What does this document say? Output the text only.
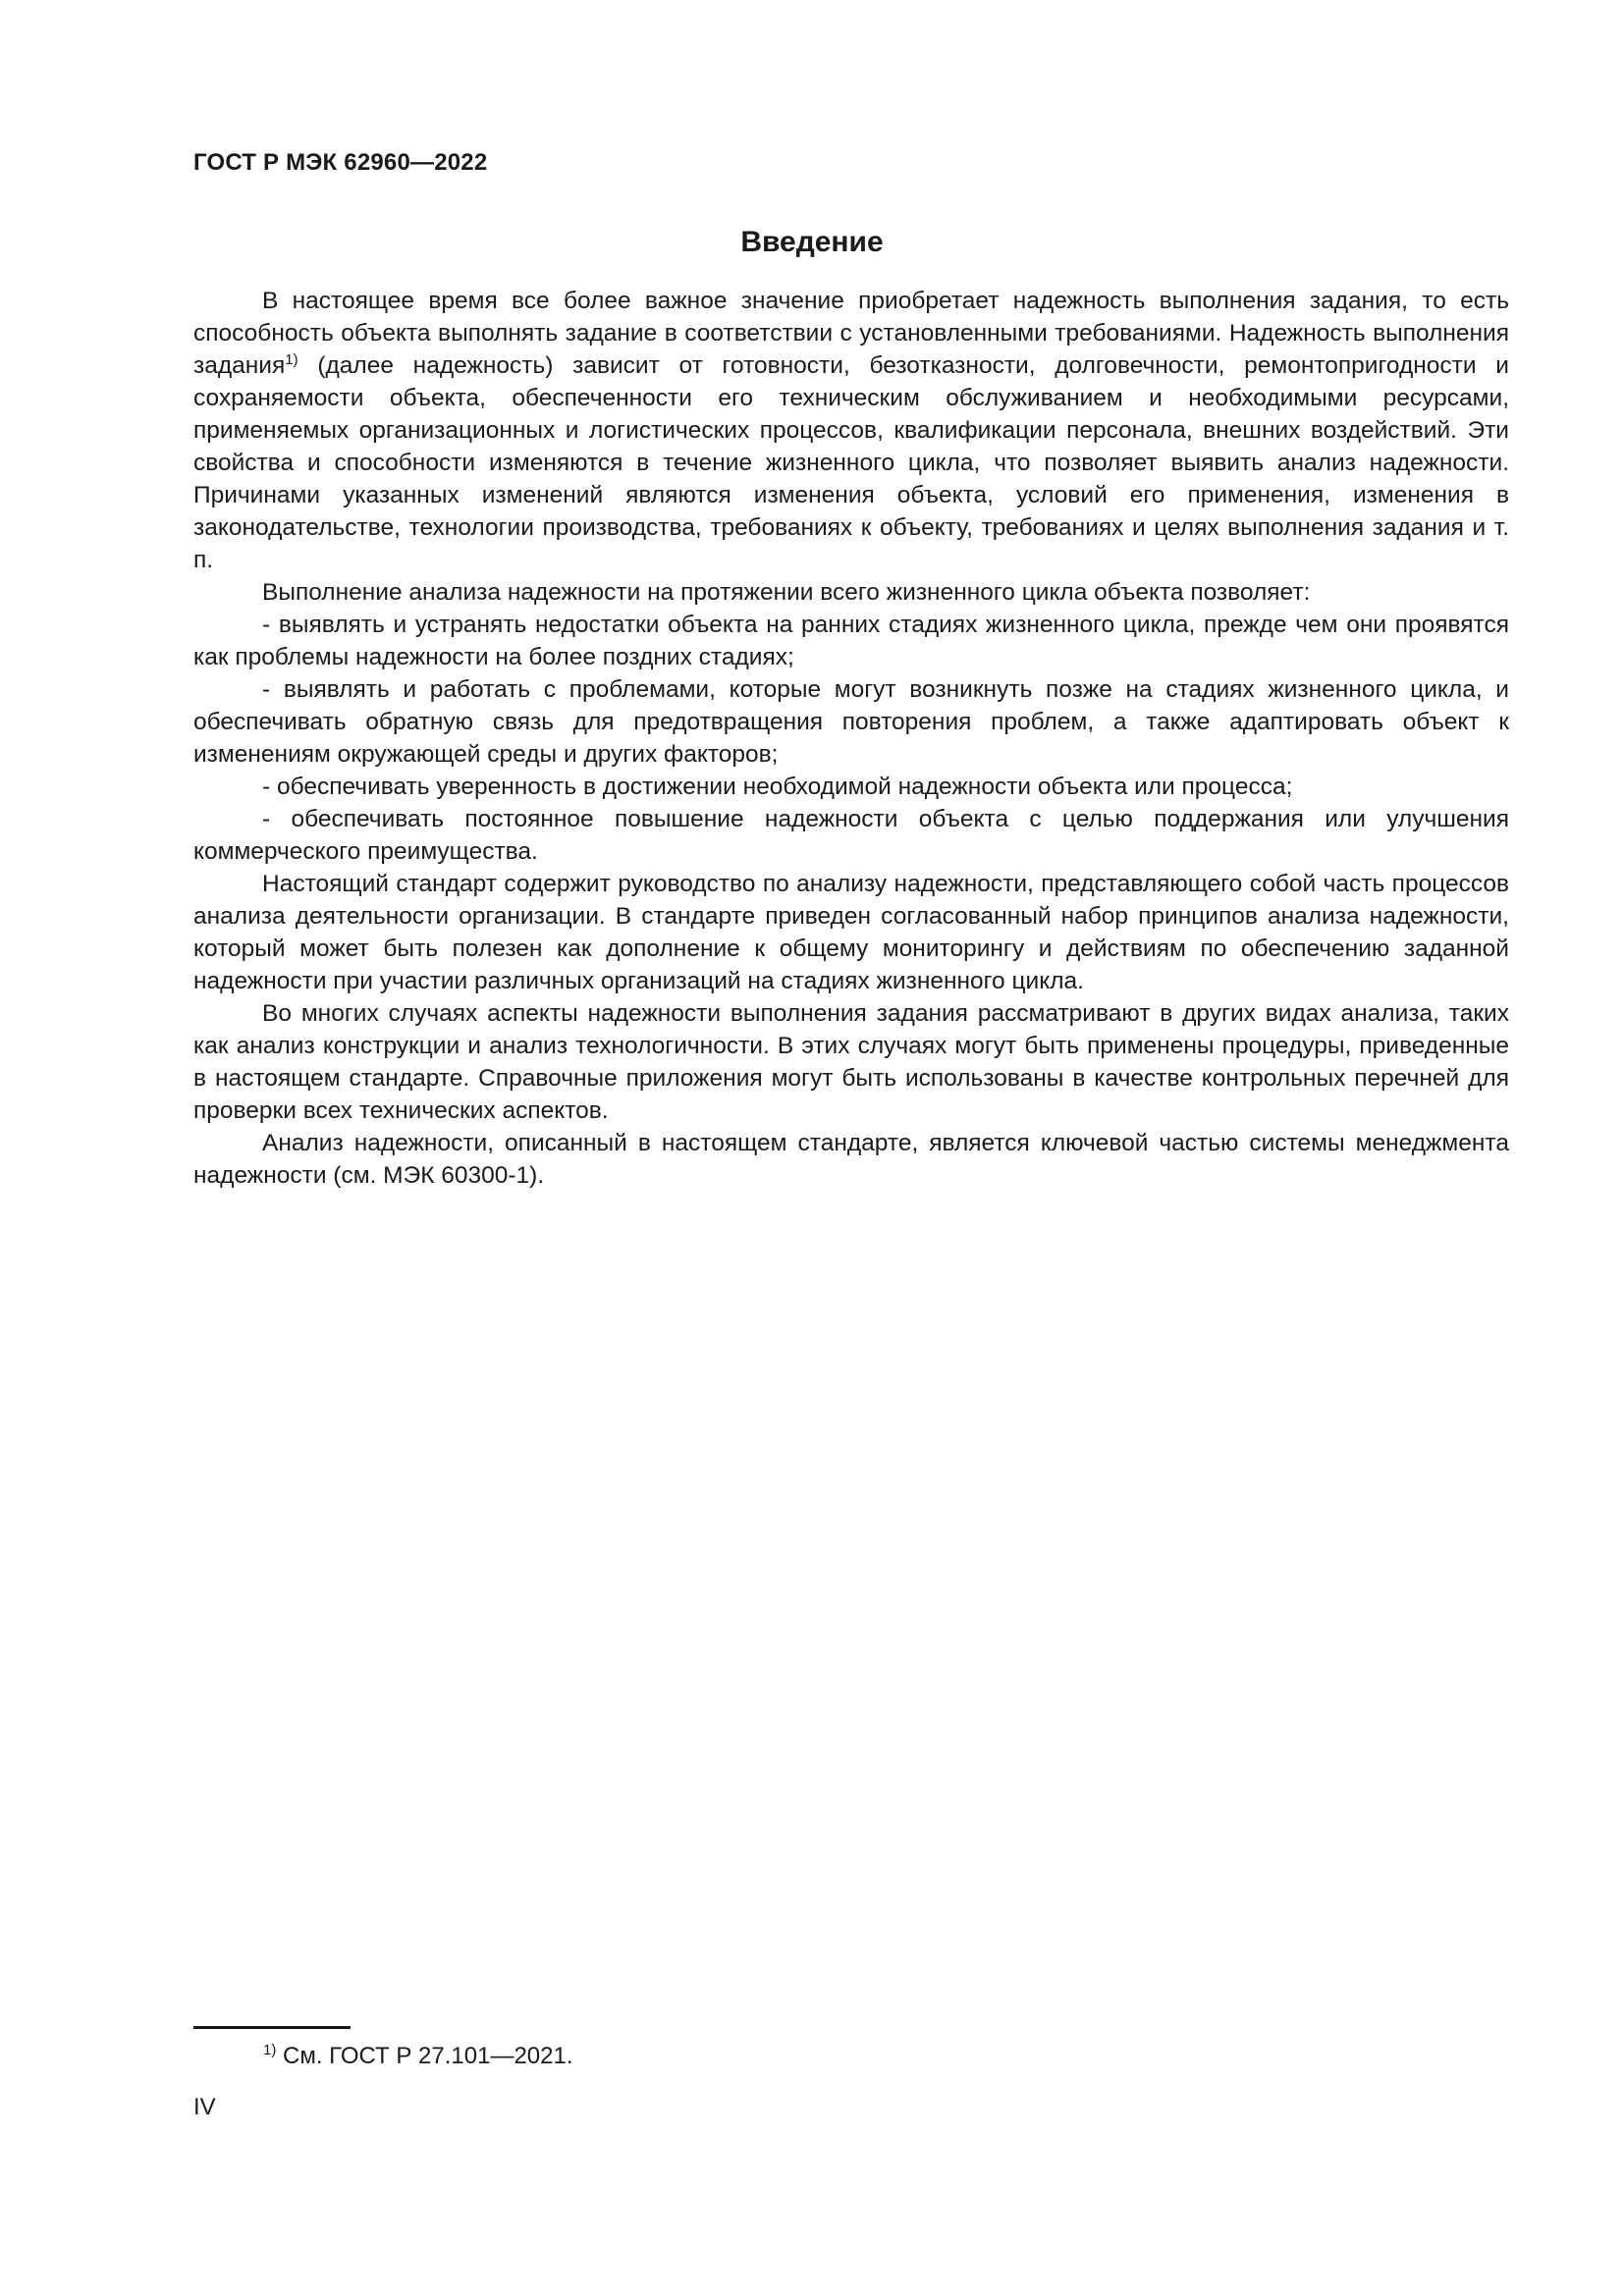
ГОСТ Р МЭК 62960—2022
Введение

В настоящее время все более важное значение приобретает надежность выполнения задания, то есть способность объекта выполнять задание в соответствии с установленными требованиями. Надежность выполнения задания$^{1)}$ (далее надежность) зависит от готовности, безотказности, долговечности, ремонтопригодности и сохраняемости объекта, обеспеченности его техническим обслуживанием и необходимыми ресурсами, применяемых организационных и логистических процессов, квалификации персонала, внешних воздействий. Эти свойства и способности изменяются в течение жизненного цикла, что позволяет выявить анализ надежности. Причинами указанных изменений являются изменения объекта, условий его применения, изменения в законодательстве, технологии производства, требованиях к объекту, требованиях и целях выполнения задания и т. п.

Выполнение анализа надежности на протяжении всего жизненного цикла объекта позволяет:

- выявлять и устранять недостатки объекта на ранних стадиях жизненного цикла, прежде чем они проявятся как проблемы надежности на более поздних стадиях;

- выявлять и работать с проблемами, которые могут возникнуть позже на стадиях жизненного цикла, и обеспечивать обратную связь для предотвращения повторения проблем, а также адаптировать объект к изменениям окружающей среды и других факторов;

- обеспечивать уверенность в достижении необходимой надежности объекта или процесса;

- обеспечивать постоянное повышение надежности объекта с целью поддержания или улучшения коммерческого преимущества.

Настоящий стандарт содержит руководство по анализу надежности, представляющего собой часть процессов анализа деятельности организации. В стандарте приведен согласованный набор принципов анализа надежности, который может быть полезен как дополнение к общему мониторингу и действиям по обеспечению заданной надежности при участии различных организаций на стадиях жизненного цикла.

Во многих случаях аспекты надежности выполнения задания рассматривают в других видах анализа, таких как анализ конструкции и анализ технологичности. В этих случаях могут быть применены процедуры, приведенные в настоящем стандарте. Справочные приложения могут быть использованы в качестве контрольных перечней для проверки всех технических аспектов.

Анализ надежности, описанный в настоящем стандарте, является ключевой частью системы менеджмента надежности (см. МЭК 60300-1).

$^{1)}$ См. ГОСТ Р 27.101—2021.
IV
